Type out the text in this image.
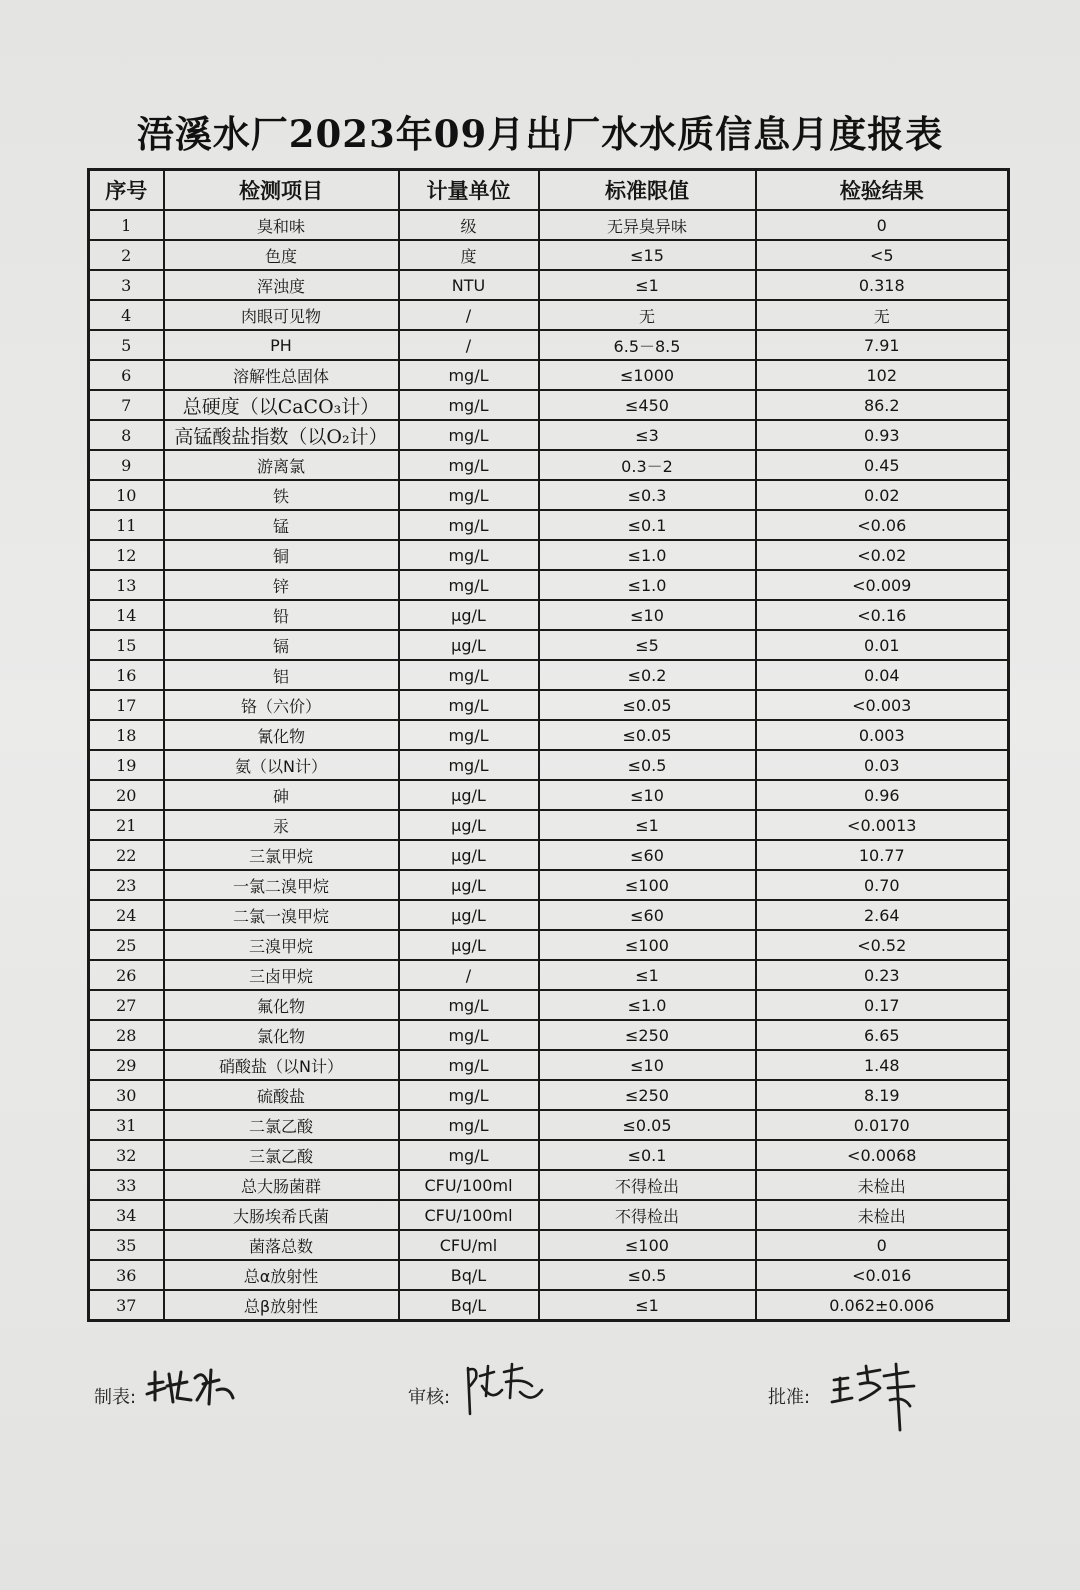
浯溪水厂2023年09月出厂水水质信息月度报表
序号	检测项目	计量单位	标准限值	检验结果
1	臭和味	级	无异臭异味	0
2	色度	度	≤15	<5
3	浑浊度	NTU	≤1	0.318
4	肉眼可见物	/	无	无
5	PH	/	6.5－8.5	7.91
6	溶解性总固体	mg/L	≤1000	102
7	总硬度（以CaCO₃计）	mg/L	≤450	86.2
8	高锰酸盐指数（以O₂计）	mg/L	≤3	0.93
9	游离氯	mg/L	0.3－2	0.45
10	铁	mg/L	≤0.3	0.02
11	锰	mg/L	≤0.1	<0.06
12	铜	mg/L	≤1.0	<0.02
13	锌	mg/L	≤1.0	<0.009
14	铅	μg/L	≤10	<0.16
15	镉	μg/L	≤5	0.01
16	铝	mg/L	≤0.2	0.04
17	铬（六价）	mg/L	≤0.05	<0.003
18	氰化物	mg/L	≤0.05	0.003
19	氨（以N计）	mg/L	≤0.5	0.03
20	砷	μg/L	≤10	0.96
21	汞	μg/L	≤1	<0.0013
22	三氯甲烷	μg/L	≤60	10.77
23	一氯二溴甲烷	μg/L	≤100	0.70
24	二氯一溴甲烷	μg/L	≤60	2.64
25	三溴甲烷	μg/L	≤100	<0.52
26	三卤甲烷	/	≤1	0.23
27	氟化物	mg/L	≤1.0	0.17
28	氯化物	mg/L	≤250	6.65
29	硝酸盐（以N计）	mg/L	≤10	1.48
30	硫酸盐	mg/L	≤250	8.19
31	二氯乙酸	mg/L	≤0.05	0.0170
32	三氯乙酸	mg/L	≤0.1	<0.0068
33	总大肠菌群	CFU/100ml	不得检出	未检出
34	大肠埃希氏菌	CFU/100ml	不得检出	未检出
35	菌落总数	CFU/ml	≤100	0
36	总α放射性	Bq/L	≤0.5	<0.016
37	总β放射性	Bq/L	≤1	0.062±0.006
制表:	审核:	批准:
